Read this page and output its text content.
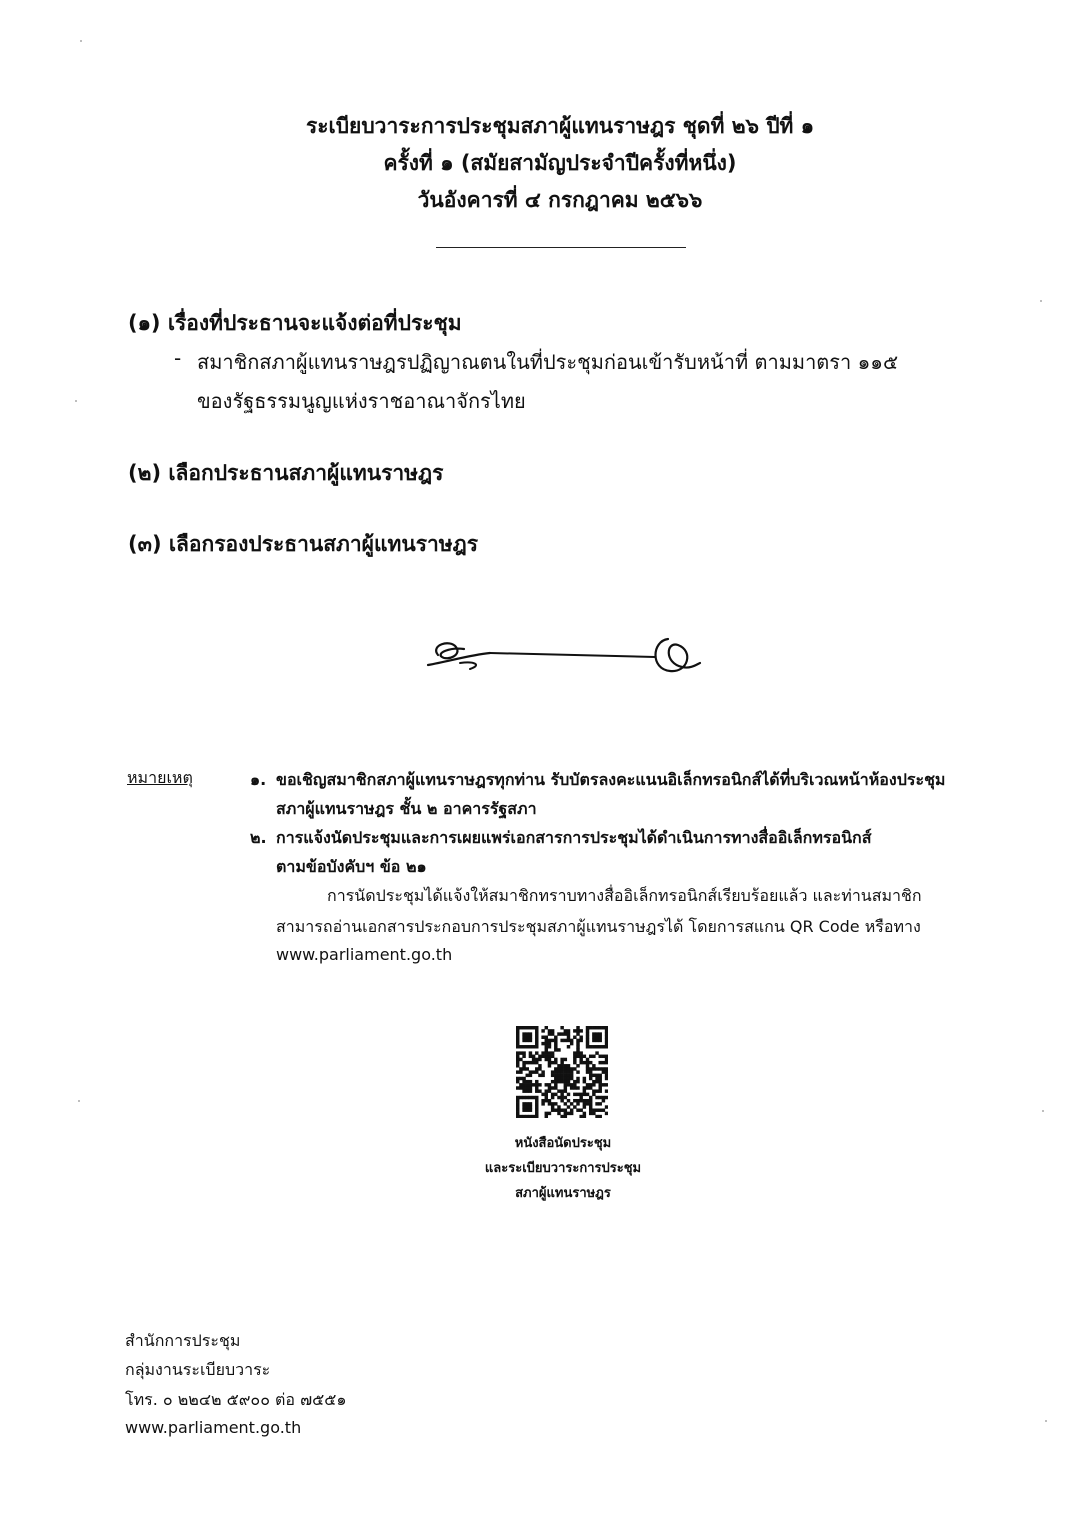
ระเบียบวาระการประชุมสภาผู้แทนราษฎร ชุดที่ ๒๖ ปีที่ ๑
ครั้งที่ ๑ (สมัยสามัญประจำปีครั้งที่หนึ่ง)
วันอังคารที่ ๔ กรกฎาคม ๒๕๖๖
(๑) เรื่องที่ประธานจะแจ้งต่อที่ประชุม
- สมาชิกสภาผู้แทนราษฎรปฏิญาณตนในที่ประชุมก่อนเข้ารับหน้าที่ ตามมาตรา ๑๑๕
ของรัฐธรรมนูญแห่งราชอาณาจักรไทย
(๒) เลือกประธานสภาผู้แทนราษฎร
(๓) เลือกรองประธานสภาผู้แทนราษฎร
หมายเหตุ	๑. ขอเชิญสมาชิกสภาผู้แทนราษฎรทุกท่าน รับบัตรลงคะแนนอิเล็กทรอนิกส์ได้ที่บริเวณหน้าห้องประชุม
สภาผู้แทนราษฎร ชั้น ๒ อาคารรัฐสภา
๒. การแจ้งนัดประชุมและการเผยแพร่เอกสารการประชุมได้ดำเนินการทางสื่ออิเล็กทรอนิกส์
ตามข้อบังคับฯ ข้อ ๒๑
การนัดประชุมได้แจ้งให้สมาชิกทราบทางสื่ออิเล็กทรอนิกส์เรียบร้อยแล้ว และท่านสมาชิก
สามารถอ่านเอกสารประกอบการประชุมสภาผู้แทนราษฎรได้ โดยการสแกน QR Code หรือทาง
www.parliament.go.th
หนังสือนัดประชุม
และระเบียบวาระการประชุม
สภาผู้แทนราษฎร
สำนักการประชุม
กลุ่มงานระเบียบวาระ
โทร. ๐ ๒๒๔๒ ๕๙๐๐ ต่อ ๗๕๕๑
www.parliament.go.th
